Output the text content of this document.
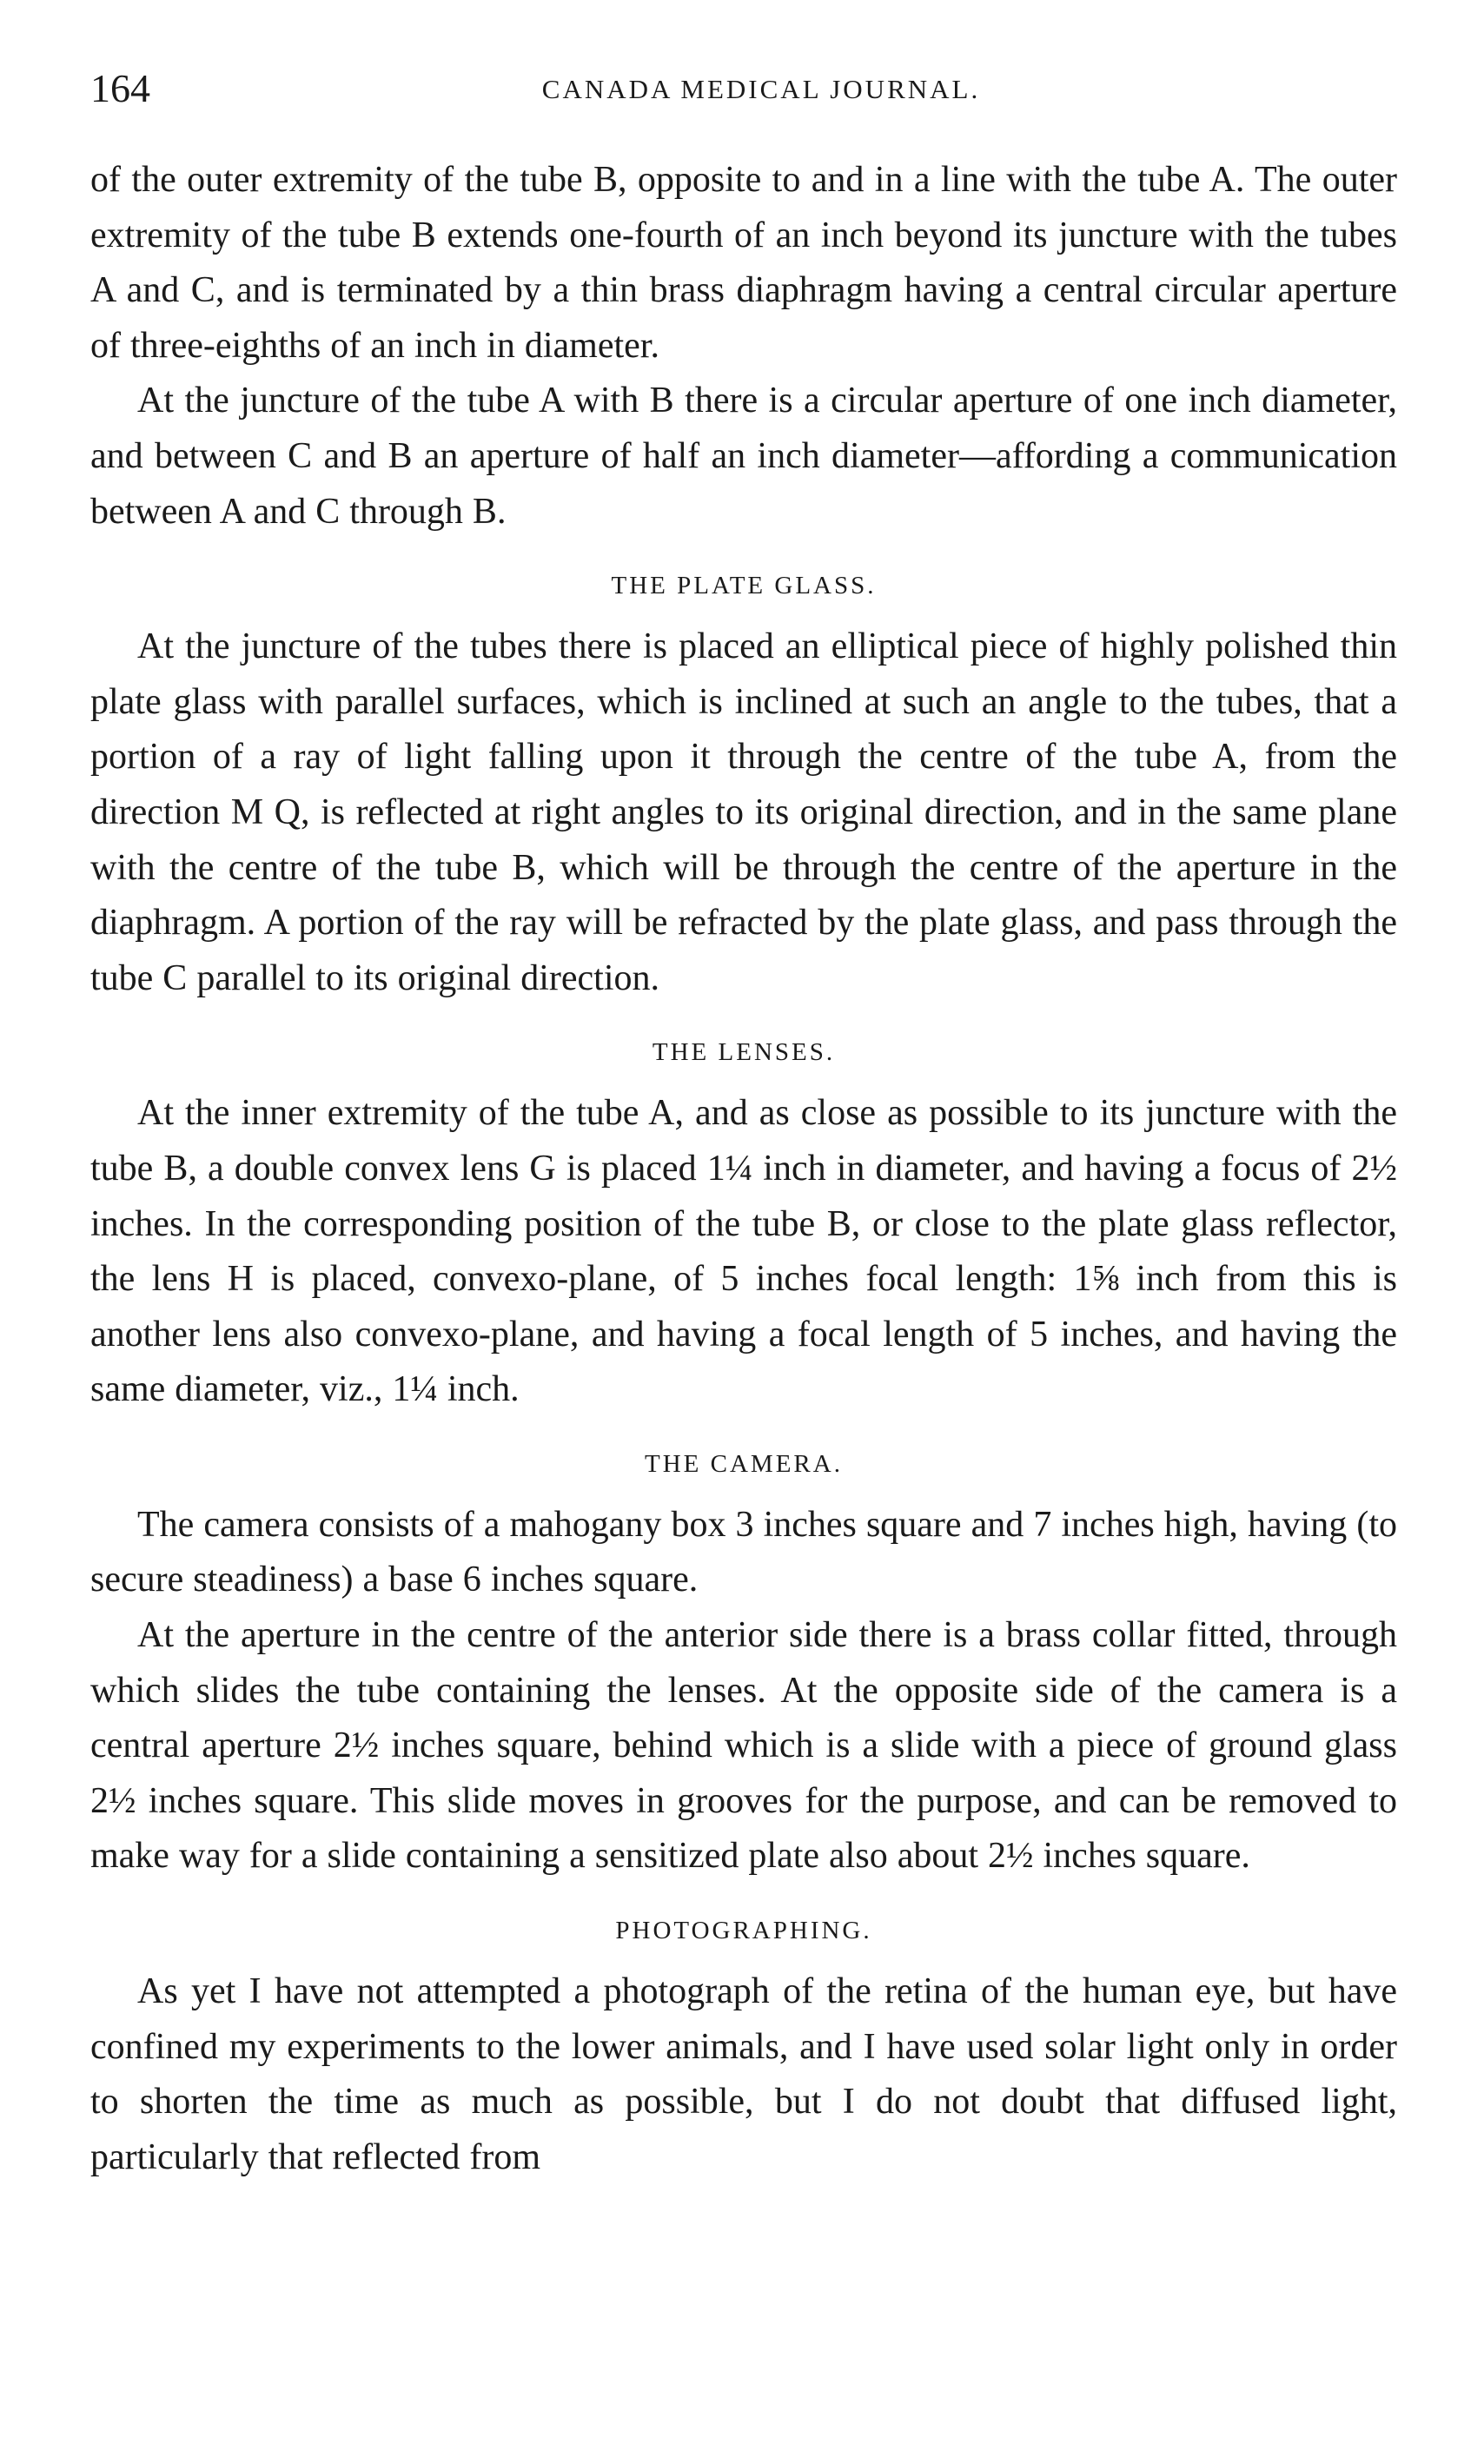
164	CANADA MEDICAL JOURNAL.

of the outer extremity of the tube B, opposite to and in a line with the tube A. The outer extremity of the tube B extends one-fourth of an inch beyond its juncture with the tubes A and C, and is terminated by a thin brass diaphragm having a central circular aperture of three-eighths of an inch in diameter.

At the juncture of the tube A with B there is a circular aperture of one inch diameter, and between C and B an aperture of half an inch diameter—affording a communication between A and C through B.

THE PLATE GLASS.

At the juncture of the tubes there is placed an elliptical piece of highly polished thin plate glass with parallel surfaces, which is inclined at such an angle to the tubes, that a portion of a ray of light falling upon it through the centre of the tube A, from the direction M Q, is reflected at right angles to its original direction, and in the same plane with the centre of the tube B, which will be through the centre of the aperture in the diaphragm. A portion of the ray will be refracted by the plate glass, and pass through the tube C parallel to its original direction.

THE LENSES.

At the inner extremity of the tube A, and as close as possible to its juncture with the tube B, a double convex lens G is placed 1¼ inch in diameter, and having a focus of 2½ inches. In the corresponding position of the tube B, or close to the plate glass reflector, the lens H is placed, convexo-plane, of 5 inches focal length: 1⅝ inch from this is another lens also convexo-plane, and having a focal length of 5 inches, and having the same diameter, viz., 1¼ inch.

THE CAMERA.

The camera consists of a mahogany box 3 inches square and 7 inches high, having (to secure steadiness) a base 6 inches square.

At the aperture in the centre of the anterior side there is a brass collar fitted, through which slides the tube containing the lenses. At the opposite side of the camera is a central aperture 2½ inches square, behind which is a slide with a piece of ground glass 2½ inches square. This slide moves in grooves for the purpose, and can be removed to make way for a slide containing a sensitized plate also about 2½ inches square.

PHOTOGRAPHING.

As yet I have not attempted a photograph of the retina of the human eye, but have confined my experiments to the lower animals, and I have used solar light only in order to shorten the time as much as possible, but I do not doubt that diffused light, particularly that reflected from
